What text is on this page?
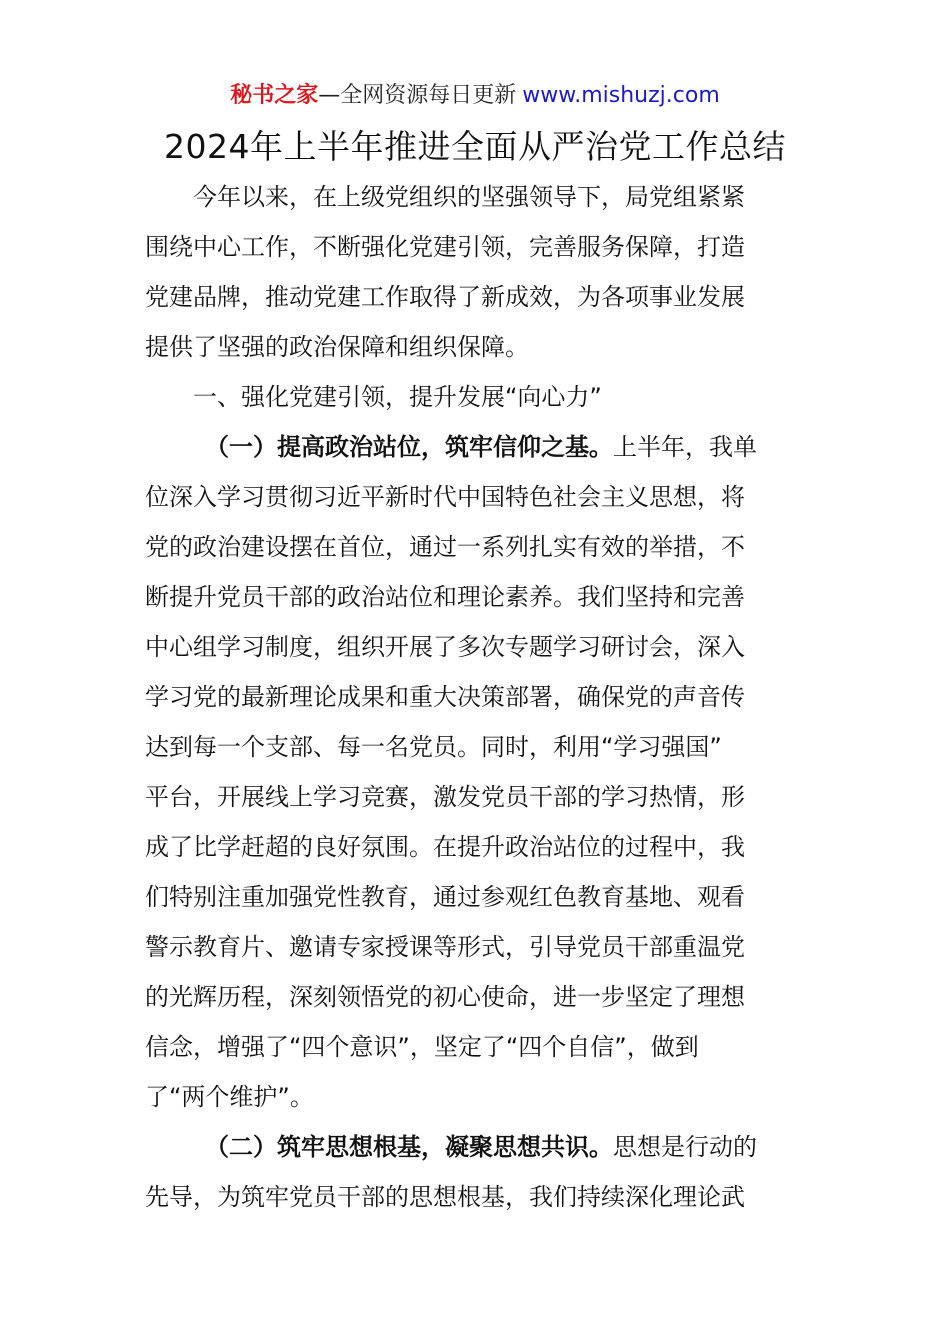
秘书之家—全网资源每日更新 www.mishuzj.com
2024年上半年推进全面从严治党工作总结
今年以来，在上级党组织的坚强领导下，局党组紧紧
围绕中心工作，不断强化党建引领，完善服务保障，打造
党建品牌，推动党建工作取得了新成效，为各项事业发展
提供了坚强的政治保障和组织保障。
一、强化党建引领，提升发展“向心力”
（一）提高政治站位，筑牢信仰之基。上半年，我单
位深入学习贯彻习近平新时代中国特色社会主义思想，将
党的政治建设摆在首位，通过一系列扎实有效的举措，不
断提升党员干部的政治站位和理论素养。我们坚持和完善
中心组学习制度，组织开展了多次专题学习研讨会，深入
学习党的最新理论成果和重大决策部署，确保党的声音传
达到每一个支部、每一名党员。同时，利用“学习强国”
平台，开展线上学习竞赛，激发党员干部的学习热情，形
成了比学赶超的良好氛围。在提升政治站位的过程中，我
们特别注重加强党性教育，通过参观红色教育基地、观看
警示教育片、邀请专家授课等形式，引导党员干部重温党
的光辉历程，深刻领悟党的初心使命，进一步坚定了理想
信念，增强了“四个意识”，坚定了“四个自信”，做到
了“两个维护”。
（二）筑牢思想根基，凝聚思想共识。思想是行动的
先导，为筑牢党员干部的思想根基，我们持续深化理论武
